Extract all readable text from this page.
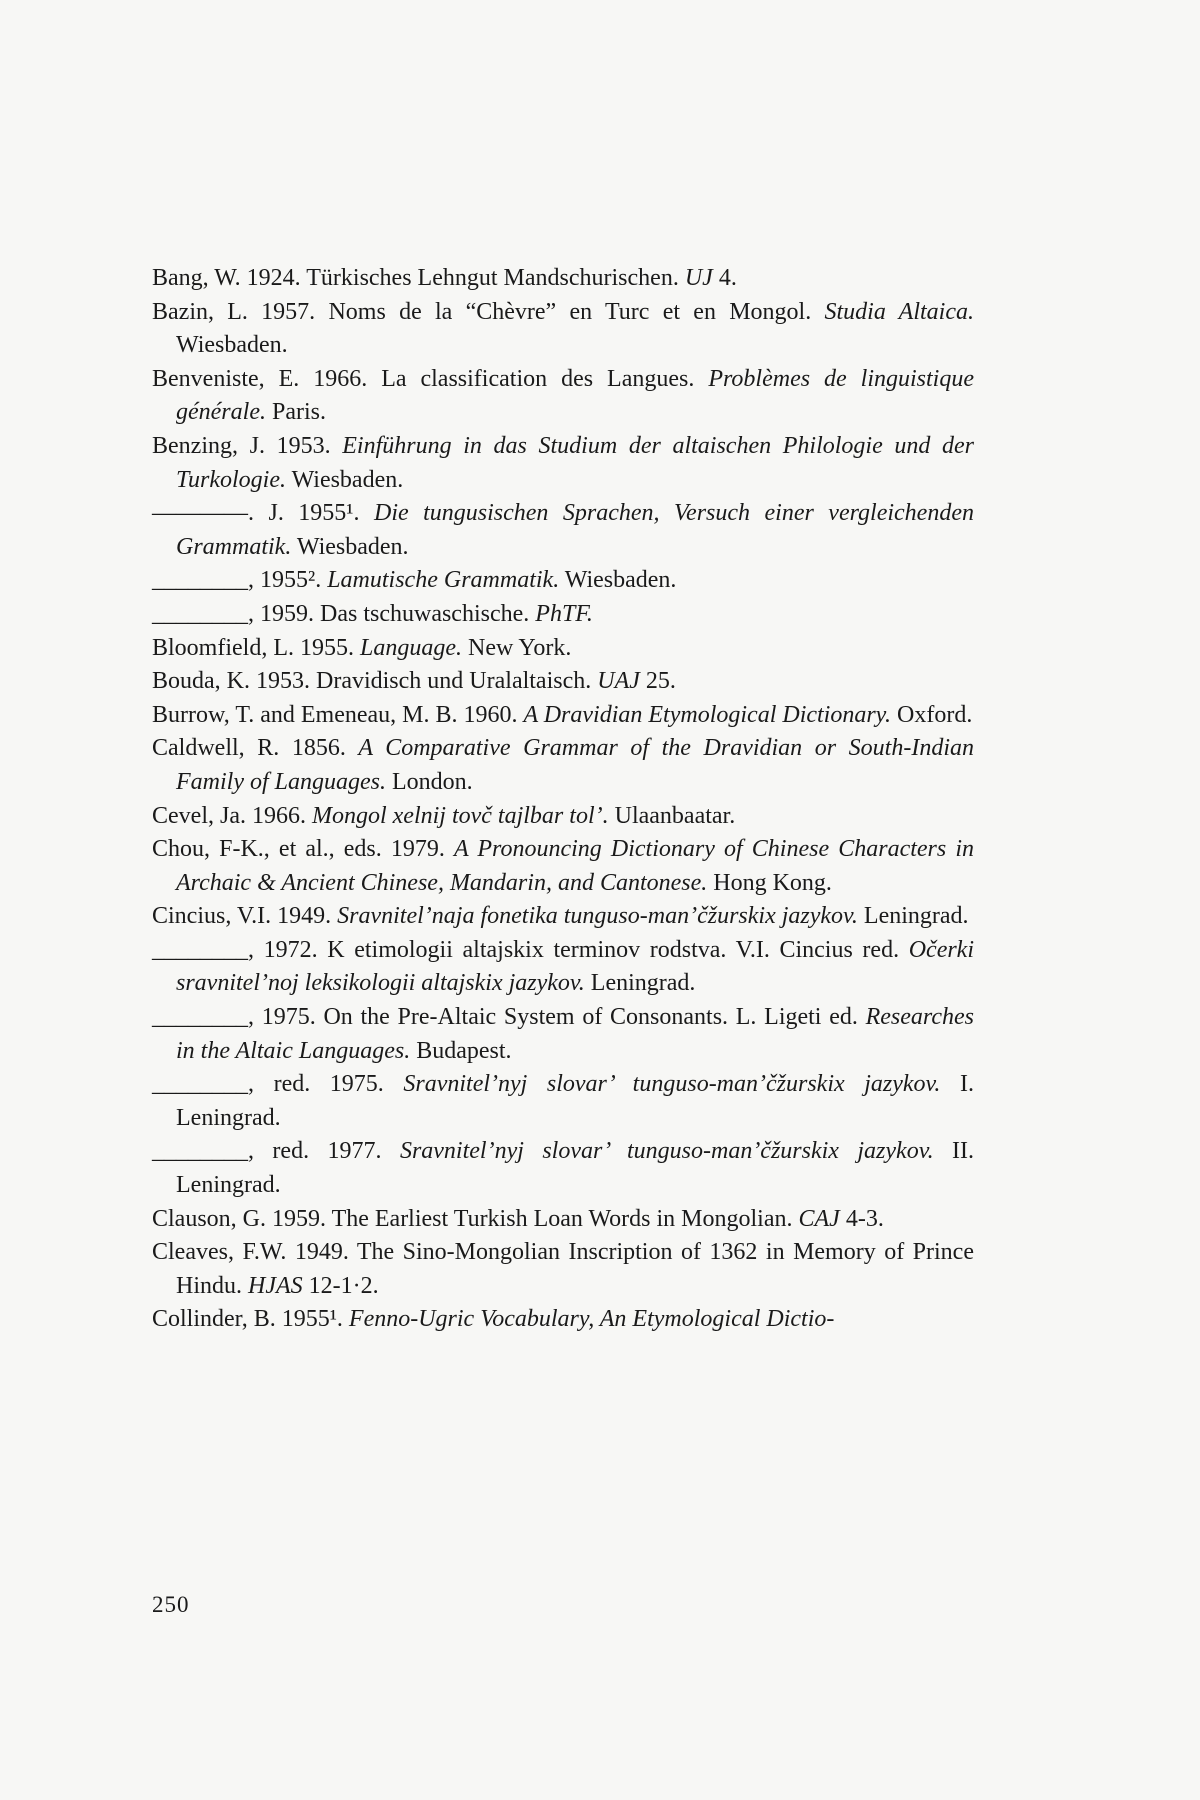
Bang, W. 1924. Türkisches Lehngut Mandschurischen. UJ 4.
Bazin, L. 1957. Noms de la “Chèvre” en Turc et en Mongol. Studia Altaica. Wiesbaden.
Benveniste, E. 1966. La classification des Langues. Problèmes de linguistique générale. Paris.
Benzing, J. 1953. Einführung in das Studium der altaischen Philologie und der Turkologie. Wiesbaden.
————. J. 1955¹. Die tungusischen Sprachen, Versuch einer vergleichenden Grammatik. Wiesbaden.
________, 1955². Lamutische Grammatik. Wiesbaden.
________, 1959. Das tschuwaschische. PhTF.
Bloomfield, L. 1955. Language. New York.
Bouda, K. 1953. Dravidisch und Uralaltaisch. UAJ 25.
Burrow, T. and Emeneau, M. B. 1960. A Dravidian Etymological Dictionary. Oxford.
Caldwell, R. 1856. A Comparative Grammar of the Dravidian or South-Indian Family of Languages. London.
Cevel, Ja. 1966. Mongol xelnij tovč tajlbar tol’. Ulaanbaatar.
Chou, F-K., et al., eds. 1979. A Pronouncing Dictionary of Chinese Characters in Archaic & Ancient Chinese, Mandarin, and Cantonese. Hong Kong.
Cincius, V.I. 1949. Sravnitel’naja fonetika tunguso-man’čžurskix jazykov. Leningrad.
________, 1972. K etimologii altajskix terminov rodstva. V.I. Cincius red. Očerki sravnitel’noj leksikologii altajskix jazykov. Leningrad.
________, 1975. On the Pre-Altaic System of Consonants. L. Ligeti ed. Researches in the Altaic Languages. Budapest.
________, red. 1975. Sravnitel’nyj slovar’ tunguso-man’čžurskix jazykov. I. Leningrad.
________, red. 1977. Sravnitel’nyj slovar’ tunguso-man’čžurskix jazykov. II. Leningrad.
Clauson, G. 1959. The Earliest Turkish Loan Words in Mongolian. CAJ 4-3.
Cleaves, F.W. 1949. The Sino-Mongolian Inscription of 1362 in Memory of Prince Hindu. HJAS 12-1·2.
Collinder, B. 1955¹. Fenno-Ugric Vocabulary, An Etymological Dictio-
250
